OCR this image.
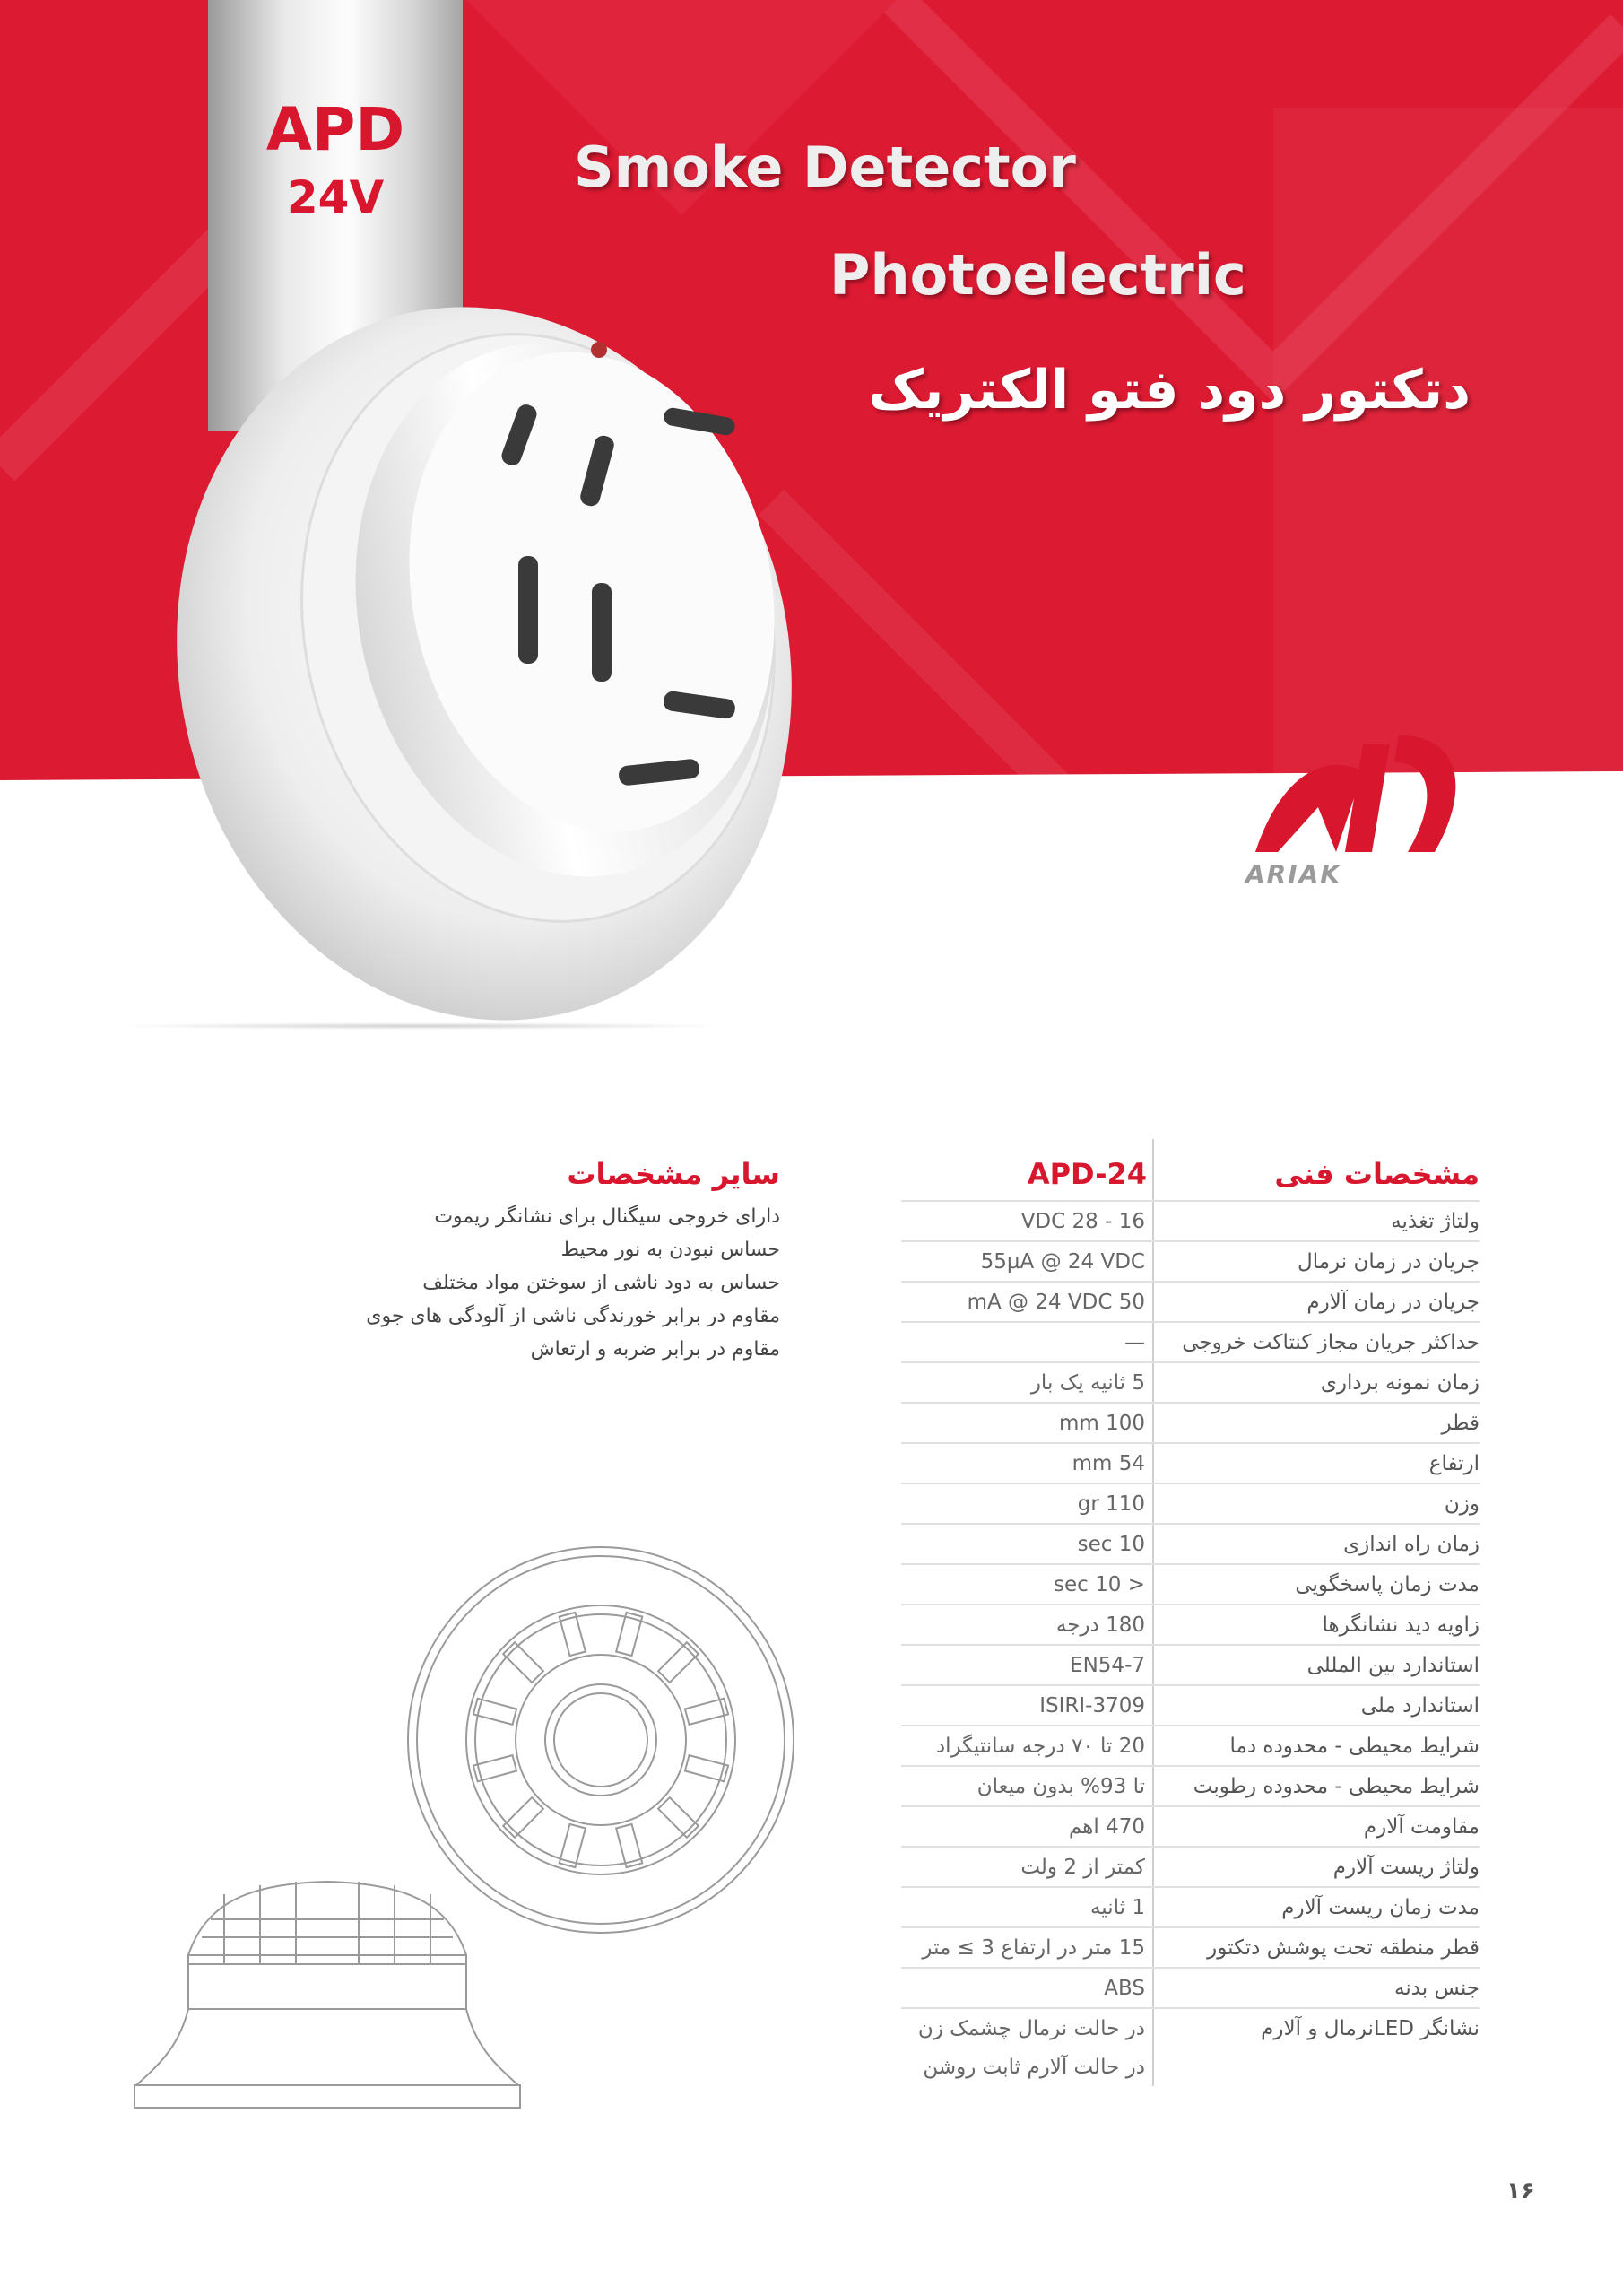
APD
24V	Smoke Detector
Photoelectric
دتکتور دود فتو الکتریک
ARIAK
مشخصات فنی
APD-24
ولتاژ تغذیه
16 - 28 VDC
جریان در زمان نرمال
55µA @ 24 VDC
جریان در زمان آلارم
50 mA @ 24 VDC
حداکثر جریان مجاز کنتاکت خروجی
—
زمان نمونه برداری
5 ثانیه یک بار
قطر
100 mm
ارتفاع
54 mm
وزن
110 gr
زمان راه اندازی
10 sec
مدت زمان پاسخگویی
< 10 sec
زاویه دید نشانگرها
180 درجه
استاندارد بین المللی
EN54-7
استاندارد ملی
ISIRI-3709
شرایط محیطی - محدوده دما
20 تا ۷۰ درجه سانتیگراد
شرایط محیطی - محدوده رطوبت
تا 93% بدون میعان
مقاومت آلارم
470 اهم
ولتاژ ریست آلارم
کمتر از 2 ولت
مدت زمان ریست آلارم
1 ثانیه
قطر منطقه تحت پوشش دتکتور
15 متر در ارتفاع 3 ≥ متر
جنس بدنه
ABS
نشانگر LEDنرمال و آلارم
در حالت نرمال چشمک زن
در حالت آلارم ثابت روشن
سایر مشخصات
دارای خروجی سیگنال برای نشانگر ریموت
حساس نبودن به نور محیط
حساس به دود ناشی از سوختن مواد مختلف
مقاوم در برابر خورندگی ناشی از آلودگی های جوی
مقاوم در برابر ضربه و ارتعاش
۱۶
